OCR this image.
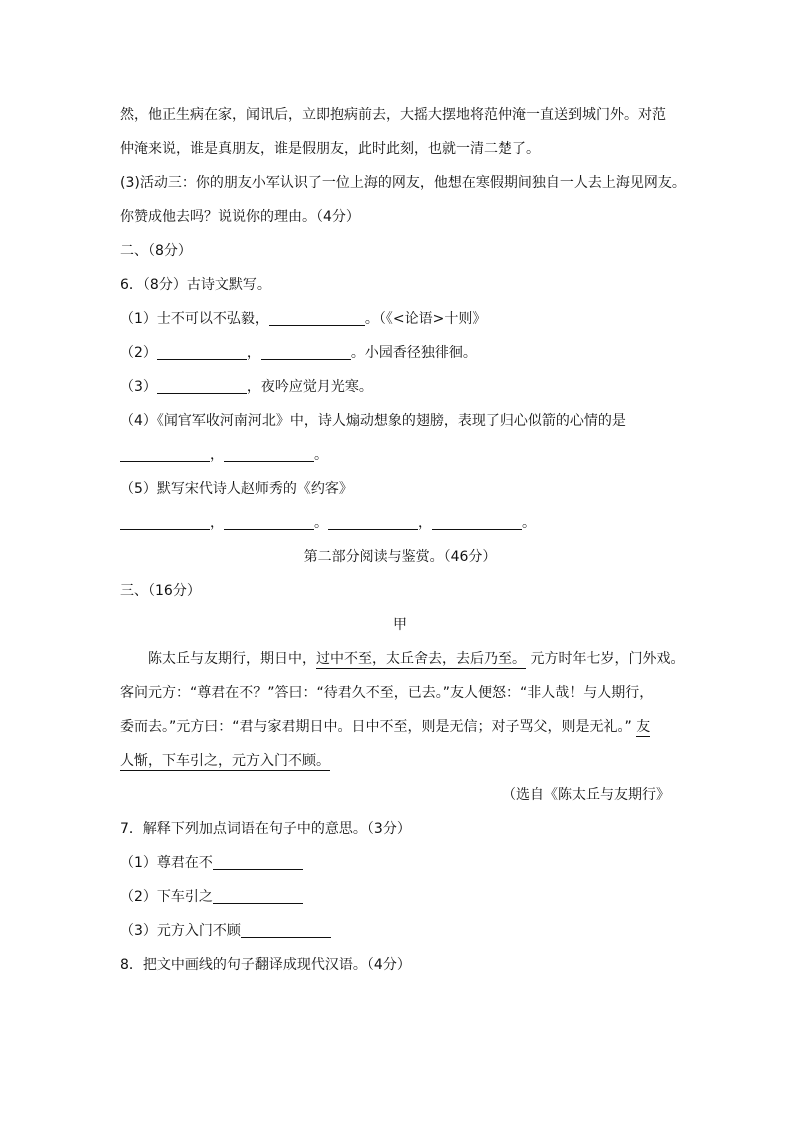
然，他正生病在家，闻讯后，立即抱病前去，大摇大摆地将范仲淹一直送到城门外。对范
仲淹来说，谁是真朋友，谁是假朋友，此时此刻，也就一清二楚了。
(3)活动三：你的朋友小军认识了一位上海的网友，他想在寒假期间独自一人去上海见网友。
你赞成他去吗？说说你的理由。（4分）
二、（8分）
6．（8分）古诗文默写。
（1）士不可以不弘毅，	。（《<论语>十则》
（2）	，	。小园香径独徘徊。
（3）	，夜吟应觉月光寒。
（4）《闻官军收河南河北》中，诗人煽动想象的翅膀，表现了归心似箭的心情的是
，	。
（5）默写宋代诗人赵师秀的《约客》
，	。	，	。
第二部分阅读与鉴赏。（46分）
三、（16分）
甲
陈太丘与友期行，期日中，过中不至，太丘舍去，去后乃至。 元方时年七岁，门外戏。
客问元方：“尊君在不？”答曰：“待君久不至，已去。”友人便怒：“非人哉！与人期行，
委而去。”元方曰：“君与家君期日中。日中不至，则是无信；对子骂父，则是无礼。” 友
人惭，下车引之，元方入门不顾。
（选自《陈太丘与友期行》
7．解释下列加点词语在句子中的意思。（3分）
（1）尊君在不
（2）下车引之
（3）元方入门不顾
8．把文中画线的句子翻译成现代汉语。（4分）
